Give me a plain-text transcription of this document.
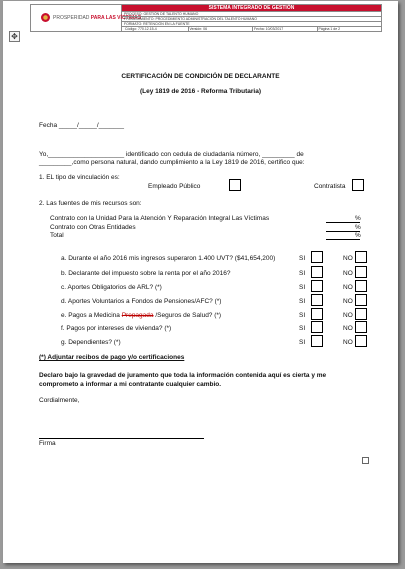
PROSPERIDAD PARA LAS VÍCTIMAS
SISTEMA INTEGRADO DE GESTIÓN
PROCESO: GESTIÓN DE TALENTO HUMANO
PROCEDIMIENTO: PROCEDIMIENTO ADMINISTRACIÓN DEL TALENTO HUMANO
FORMATO: RETENCIÓN EN LA FUENTE
Código: 770.12.15-4	Versión: 06	Fecha: 10/03/2017	Página 1 de 2
✥
CERTIFICACIÓN DE CONDICIÓN DE DECLARANTE
(Ley 1819 de 2016 - Reforma Tributaria)
Fecha _____/_____/_______
Yo,_____________________ identificado con cedula de ciudadanía número, _________ de
_________,como persona natural, dando cumplimiento a la Ley 1819 de 2016, certifico que:
1. EL tipo de vinculación es:
Empleado Público	Contratista
2. Las fuentes de mis recursos son:
Contrato con la Unidad Para la Atención Y Reparación Integral Las Víctimas	%
Contrato con Otras Entidades	%
Total	%
a. Durante el año 2016 mis ingresos superaron 1.400 UVT? ($41,654,200)	SI	NO
b. Declarante del impuesto sobre la renta por el año 2016?	SI	NO
c. Aportes Obligatorios de ARL? (*)	SI	NO
d. Aportes Voluntarios a Fondos de Pensiones/AFC? (*)	SI	NO
e. Pagos a Medicina Prepagada /Seguros de Salud? (*)	SI	NO
f. Pagos por intereses de vivienda? (*)	SI	NO
g. Dependientes? (*)	SI	NO
(*) Adjuntar recibos de pago y/o certificaciones
Declaro bajo la gravedad de juramento que toda la información contenida aquí es cierta y me
comprometo a informar a mi contratante cualquier cambio.
Cordialmente,
Firma
